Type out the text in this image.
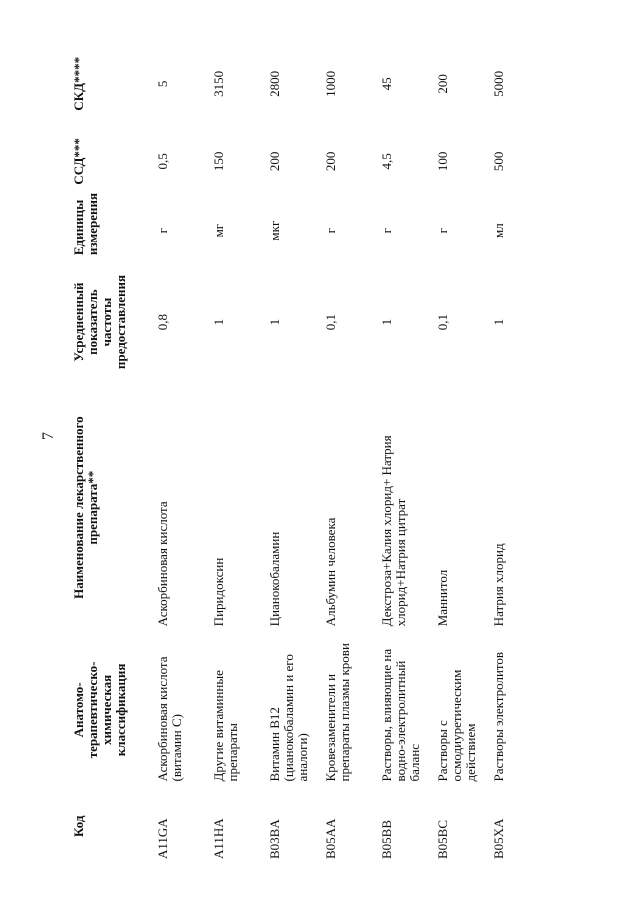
7
Код	Анатомо-терапевтическо-химическая классификация	Наименование лекарственного препарата**	Усредненный показатель частоты предоставления	Единицы измерения	ССД***	СКД****
A11GA	Аскорбиновая кислота (витамин С)	Аскорбиновая кислота	0,8	г	0,5	5
A11HA	Другие витаминные препараты	Пиридоксин	1	мг	150	3150
B03BA	Витамин В12 (цианокобаламин и его аналоги)	Цианокобаламин	1	мкг	200	2800
B05AA	Кровезаменители и препараты плазмы крови	Альбумин человека	0,1	г	200	1000
B05BB	Растворы, влияющие на водно-электролитный баланс	Декстроза+Калия хлорид+ Натрия хлорид+Натрия цитрат	1	г	4,5	45
B05BC	Растворы с осмодиуретическим действием	Маннитол	0,1	г	100	200
B05XA	Растворы электролитов	Натрия хлорид	1	мл	500	5000
